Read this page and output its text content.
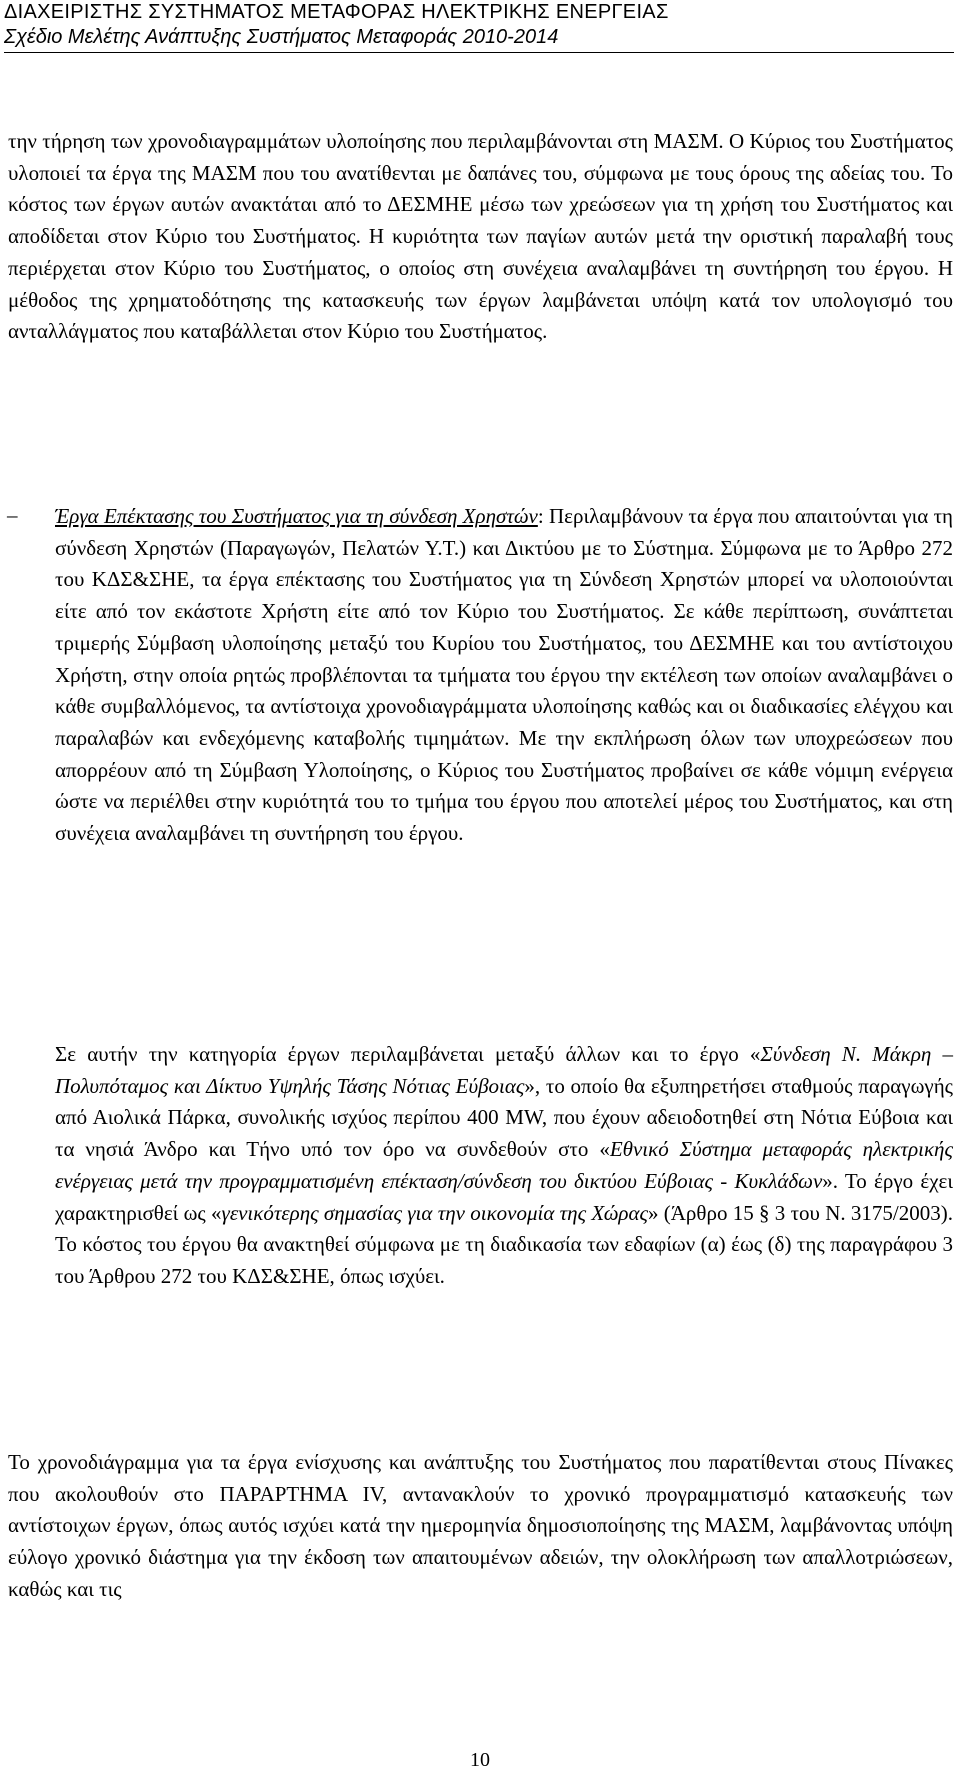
ΔΙΑΧΕΙΡΙΣΤΗΣ ΣΥΣΤΗΜΑΤΟΣ ΜΕΤΑΦΟΡΑΣ ΗΛΕΚΤΡΙΚΗΣ ΕΝΕΡΓΕΙΑΣ
Σχέδιο Μελέτης Ανάπτυξης Συστήματος Μεταφοράς 2010-2014
την τήρηση των χρονοδιαγραμμάτων υλοποίησης που περιλαμβάνονται στη ΜΑΣΜ. Ο Κύριος του Συστήματος υλοποιεί τα έργα της ΜΑΣΜ που του ανατίθενται με δαπάνες του, σύμφωνα με τους όρους της αδείας του. Το κόστος των έργων αυτών ανακτάται από το ΔΕΣΜΗΕ μέσω των χρεώσεων για τη χρήση του Συστήματος και αποδίδεται στον Κύριο του Συστήματος. Η κυριότητα των παγίων αυτών μετά την οριστική παραλαβή τους περιέρχεται στον Κύριο του Συστήματος, ο οποίος στη συνέχεια αναλαμβάνει τη συντήρηση του έργου. Η μέθοδος της χρηματοδότησης της κατασκευής των έργων λαμβάνεται υπόψη κατά τον υπολογισμό του ανταλλάγματος που καταβάλλεται στον Κύριο του Συστήματος.
– Έργα Επέκτασης του Συστήματος για τη σύνδεση Χρηστών: Περιλαμβάνουν τα έργα που απαιτούνται για τη σύνδεση Χρηστών (Παραγωγών, Πελατών Υ.Τ.) και Δικτύου με το Σύστημα. Σύμφωνα με το Άρθρο 272 του ΚΔΣ&ΣΗΕ, τα έργα επέκτασης του Συστήματος για τη Σύνδεση Χρηστών μπορεί να υλοποιούνται είτε από τον εκάστοτε Χρήστη είτε από τον Κύριο του Συστήματος. Σε κάθε περίπτωση, συνάπτεται τριμερής Σύμβαση υλοποίησης μεταξύ του Κυρίου του Συστήματος, του ΔΕΣΜΗΕ και του αντίστοιχου Χρήστη, στην οποία ρητώς προβλέπονται τα τμήματα του έργου την εκτέλεση των οποίων αναλαμβάνει ο κάθε συμβαλλόμενος, τα αντίστοιχα χρονοδιαγράμματα υλοποίησης καθώς και οι διαδικασίες ελέγχου και παραλαβών και ενδεχόμενης καταβολής τιμημάτων. Με την εκπλήρωση όλων των υποχρεώσεων που απορρέουν από τη Σύμβαση Υλοποίησης, ο Κύριος του Συστήματος προβαίνει σε κάθε νόμιμη ενέργεια ώστε να περιέλθει στην κυριότητά του το τμήμα του έργου που αποτελεί μέρος του Συστήματος, και στη συνέχεια αναλαμβάνει τη συντήρηση του έργου.
Σε αυτήν την κατηγορία έργων περιλαμβάνεται μεταξύ άλλων και το έργο «Σύνδεση Ν. Μάκρη – Πολυπόταμος και Δίκτυο Υψηλής Τάσης Νότιας Εύβοιας», το οποίο θα εξυπηρετήσει σταθμούς παραγωγής από Αιολικά Πάρκα, συνολικής ισχύος περίπου 400 MW, που έχουν αδειοδοτηθεί στη Νότια Εύβοια και τα νησιά Άνδρο και Τήνο υπό τον όρο να συνδεθούν στο «Εθνικό Σύστημα μεταφοράς ηλεκτρικής ενέργειας μετά την προγραμματισμένη επέκταση/σύνδεση του δικτύου Εύβοιας - Κυκλάδων». Το έργο έχει χαρακτηρισθεί ως «γενικότερης σημασίας για την οικονομία της Χώρας» (Άρθρο 15 § 3 του Ν. 3175/2003). Το κόστος του έργου θα ανακτηθεί σύμφωνα με τη διαδικασία των εδαφίων (α) έως (δ) της παραγράφου 3 του Άρθρου 272 του ΚΔΣ&ΣΗΕ, όπως ισχύει.
Το χρονοδιάγραμμα για τα έργα ενίσχυσης και ανάπτυξης του Συστήματος που παρατίθενται στους Πίνακες που ακολουθούν στο ΠΑΡΑΡΤΗΜΑ IV, αντανακλούν το χρονικό προγραμματισμό κατασκευής των αντίστοιχων έργων, όπως αυτός ισχύει κατά την ημερομηνία δημοσιοποίησης της ΜΑΣΜ, λαμβάνοντας υπόψη εύλογο χρονικό διάστημα για την έκδοση των απαιτουμένων αδειών, την ολοκλήρωση των απαλλοτριώσεων, καθώς και τις
10
